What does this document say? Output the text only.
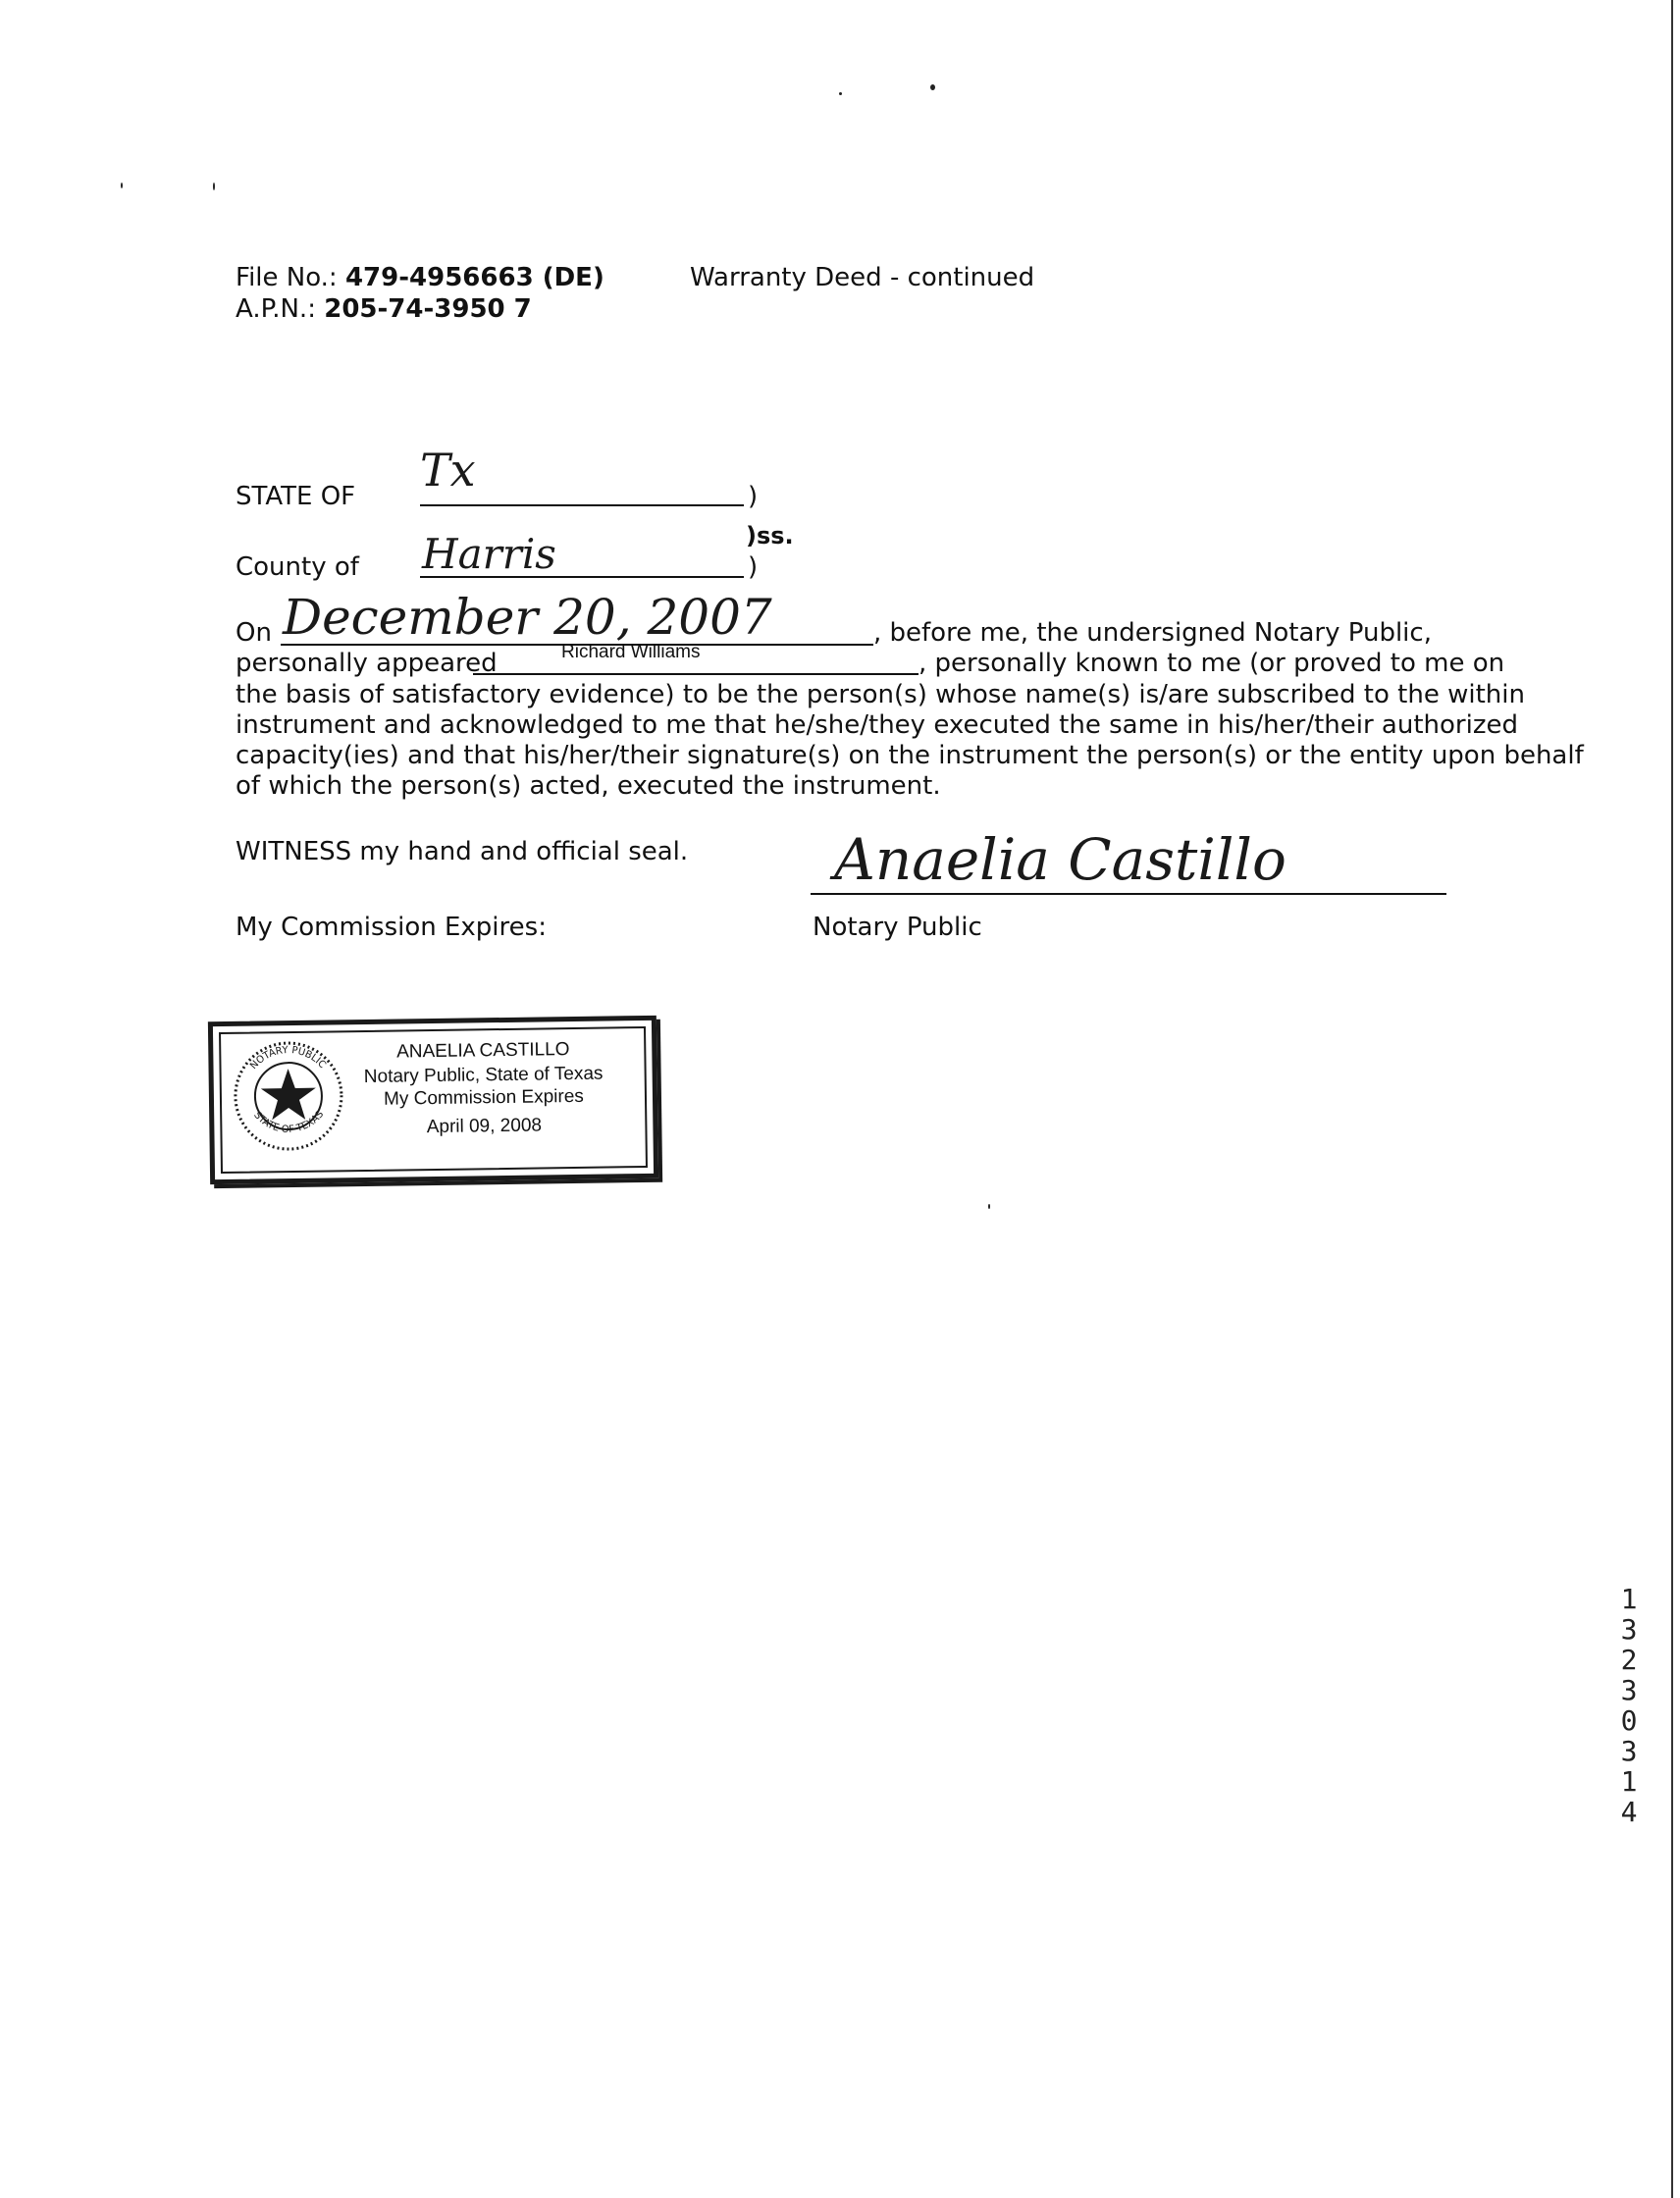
File No.: 479-4956663 (DE)
A.P.N.: 205-74-3950 7
Warranty Deed - continued
STATE OF Tx	)
)ss.
County of Harris	)
On December 20, 2007	, before me, the undersigned Notary Public,
personally appeared	Richard Williams	, personally known to me (or proved to me on
the basis of satisfactory evidence) to be the person(s) whose name(s) is/are subscribed to the within
instrument and acknowledged to me that he/she/they executed the same in his/her/their authorized
capacity(ies) and that his/her/their signature(s) on the instrument the person(s) or the entity upon behalf
of which the person(s) acted, executed the instrument.
WITNESS my hand and official seal.	Anaelia Castillo
Notary Public
My Commission Expires:
NOTARY PUBLIC
STATE OF TEXAS
ANAELIA CASTILLO
Notary Public, State of Texas
My Commission Expires
April 09, 2008
1323 0314
